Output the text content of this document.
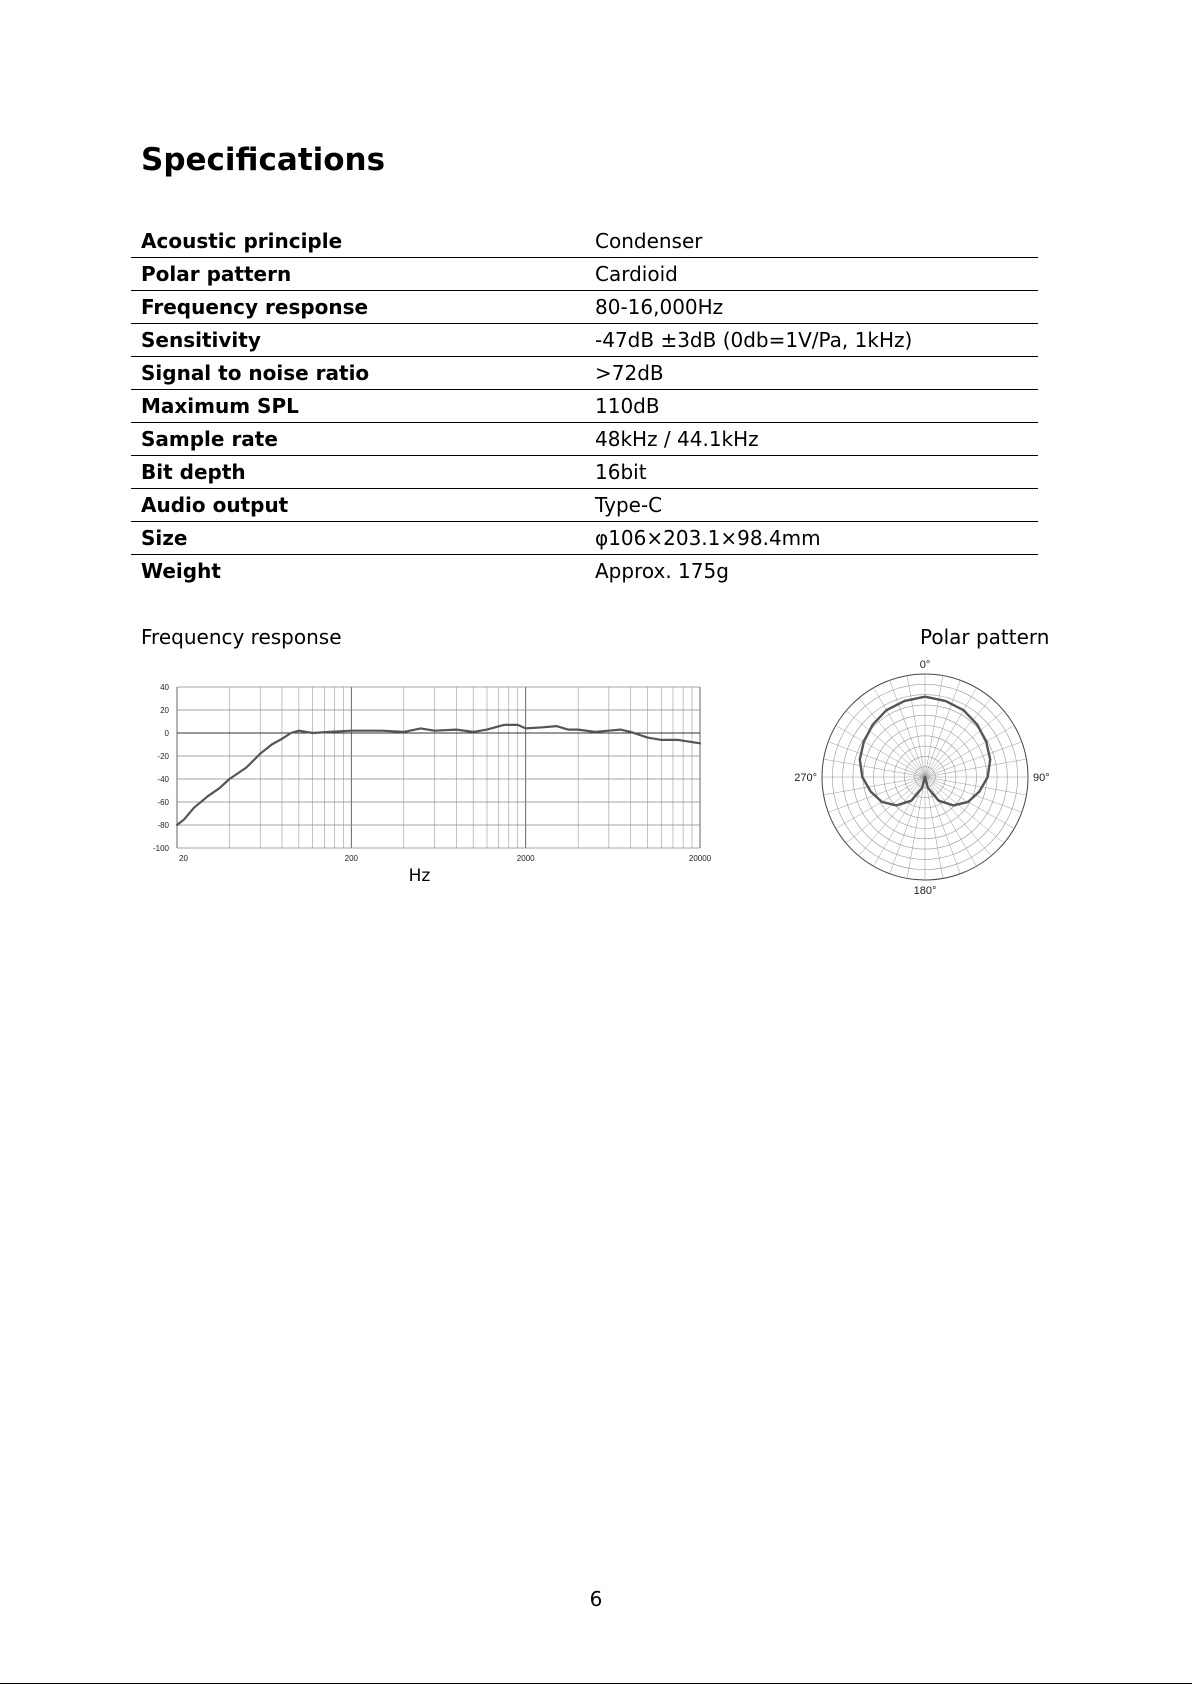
Specifications
Acoustic principle	Condenser
Polar pattern	Cardioid
Frequency response	80-16,000Hz
Sensitivity	-47dB ±3dB (0db=1V/Pa, 1kHz)
Signal to noise ratio	>72dB
Maximum SPL	110dB
Sample rate	48kHz / 44.1kHz
Bit depth	16bit
Audio output	Type-C
Size	φ106×203.1×98.4mm
Weight	Approx. 175g
Frequency response	Polar pattern
40
20
0
-20
-40
-60
-80
-100
20	200	2000	20000
Hz
0°
90°
180°
270°
6
